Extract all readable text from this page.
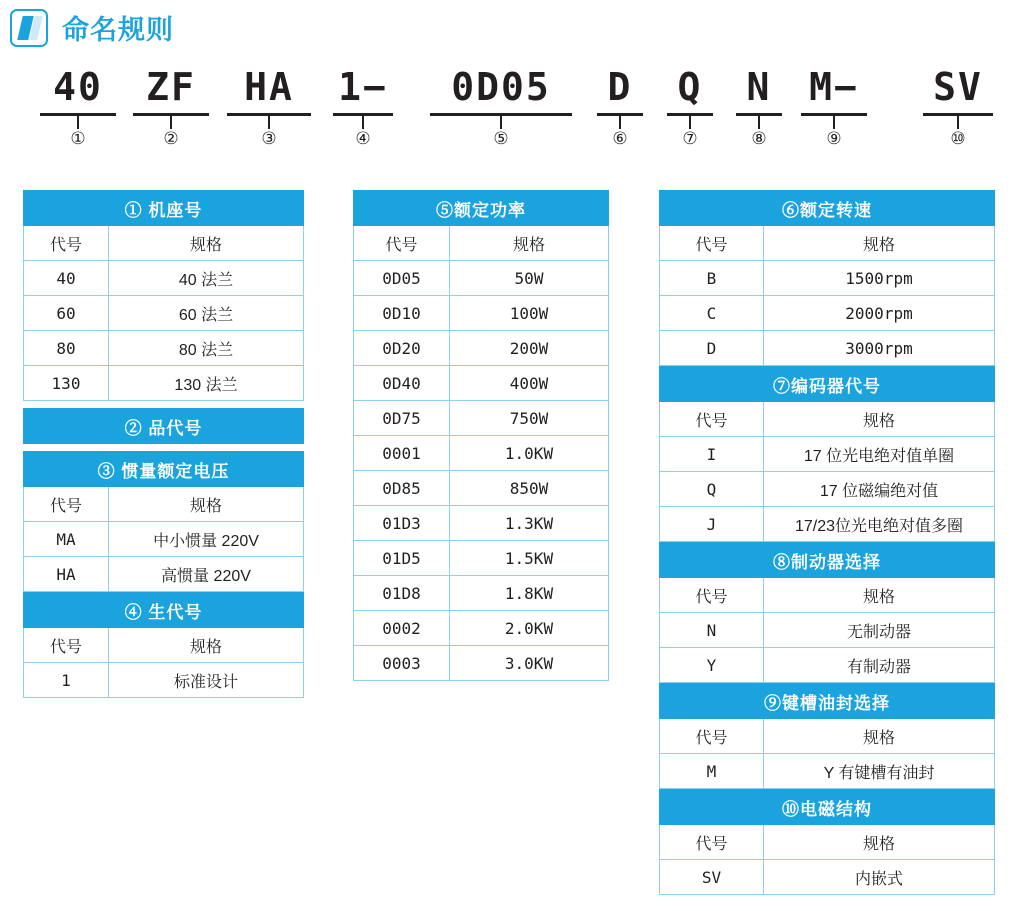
命名规则
40
①
ZF
②
HA
③
1−
④
0D05
⑤
D
⑥
Q
⑦
N
⑧
M−
⑨
SV
⑩
① 机座号	
代号	规格
40	40 法兰
60	60 法兰
80	80 法兰
130	130 法兰
② 品代号
③ 惯量额定电压	
代号	规格
MA	中小惯量 220V
HA	高惯量 220V
④ 生代号	
代号	规格
1	标准设计
⑤额定功率	
代号	规格
0D05	50W
0D10	100W
0D20	200W
0D40	400W
0D75	750W
0001	1.0KW
0D85	850W
01D3	1.3KW
01D5	1.5KW
01D8	1.8KW
0002	2.0KW
0003	3.0KW
⑥额定转速	
代号	规格
B	1500rpm
C	2000rpm
D	3000rpm
⑦编码器代号	
代号	规格
I	17 位光电绝对值单圈
Q	17 位磁编绝对值
J	17/23位光电绝对值多圈
⑧制动器选择	
代号	规格
N	无制动器
Y	有制动器
⑨键槽油封选择	
代号	规格
M	Y 有键槽有油封
⑩电磁结构	
代号	规格
SV	内嵌式
